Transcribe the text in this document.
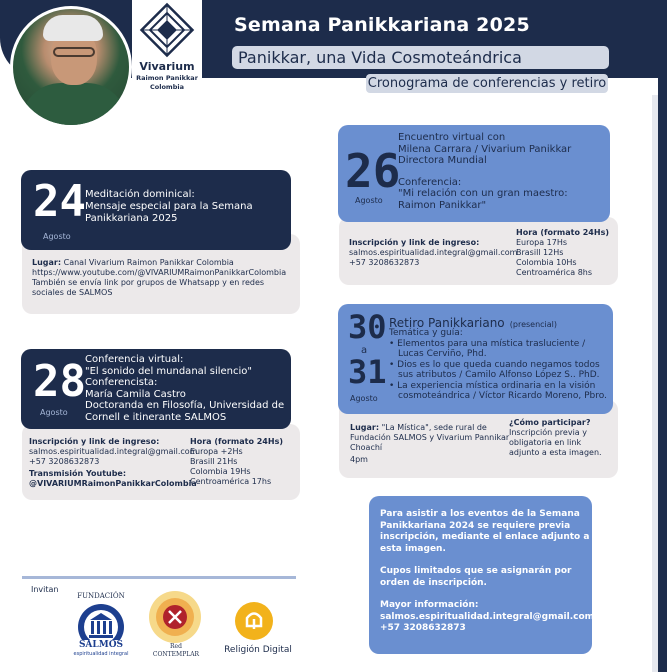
Vivarium
Raimon Panikkar
Colombia
Semana Panikkariana 2025
Panikkar, una Vida Cosmoteándrica
Cronograma de conferencias y retiro
24
Agosto
Meditación dominical:
Mensaje especial para la Semana
Panikkariana 2025
Lugar: Canal Vivarium Raimon Panikkar Colombia
https://www.youtube.com/@VIVARIUMRaimonPanikkarColombia
También se envía link por grupos de Whatsapp y en redes
sociales de SALMOS
28
Agosto
Conferencia virtual:
"El sonido del mundanal silencio"
Conferencista:
María Camila Castro
Doctoranda en Filosofía, Universidad de
Cornell e itinerante SALMOS
Inscripción y link de ingreso:
salmos.espiritualidad.integral@gmail.com
+57 3208632873
Transmisión Youtube:
@VIVARIUMRaimonPanikkarColombia
Hora (formato 24Hs)
Europa +2Hs
Brasill 21Hs
Colombia 19Hs
Centroamérica 17hs
26
Agosto
Encuentro virtual con
Milena Carrara / Vivarium Panikkar
Directora Mundial
Conferencia:
"Mi relación con un gran maestro:
Raimon Panikkar"
Inscripción y link de ingreso:
salmos.espiritualidad.integral@gmail.com
+57 3208632873
Hora (formato 24Hs)
Europa 17Hs
Brasill 12Hs
Colombia 10Hs
Centroamérica 8hs
30
a
31
Agosto
Retiro Panikkariano (presencial)
Temática y guía:
• Elementos para una mística trasluciente /
Lucas Cerviño, Phd.
• Dios es lo que queda cuando negamos todos
sus atributos / Camilo Alfonso López S.. PhD.
• La experiencia mística ordinaria en la visión
cosmoteándrica / Víctor Ricardo Moreno, Pbro.
Lugar: "La Mística", sede rural de
Fundación SALMOS y Vivarium Pannikar
Choachí
4pm
¿Cómo participar?
Inscripción previa y
obligatoria en link
adjunto a esta imagen.
Para asistir a los eventos de la Semana
Panikkariana 2024 se requiere previa
inscripción, mediante el enlace adjunto a
esta imagen.
Cupos limitados que se asignarán por
orden de inscripción.
Mayor información:
salmos.espiritualidad.integral@gmail.com
+57 3208632873
Invitan
FUNDACIÓN
SALMOS
espiritualidad integral
Red
CONTEMPLAR	Religión Digital
